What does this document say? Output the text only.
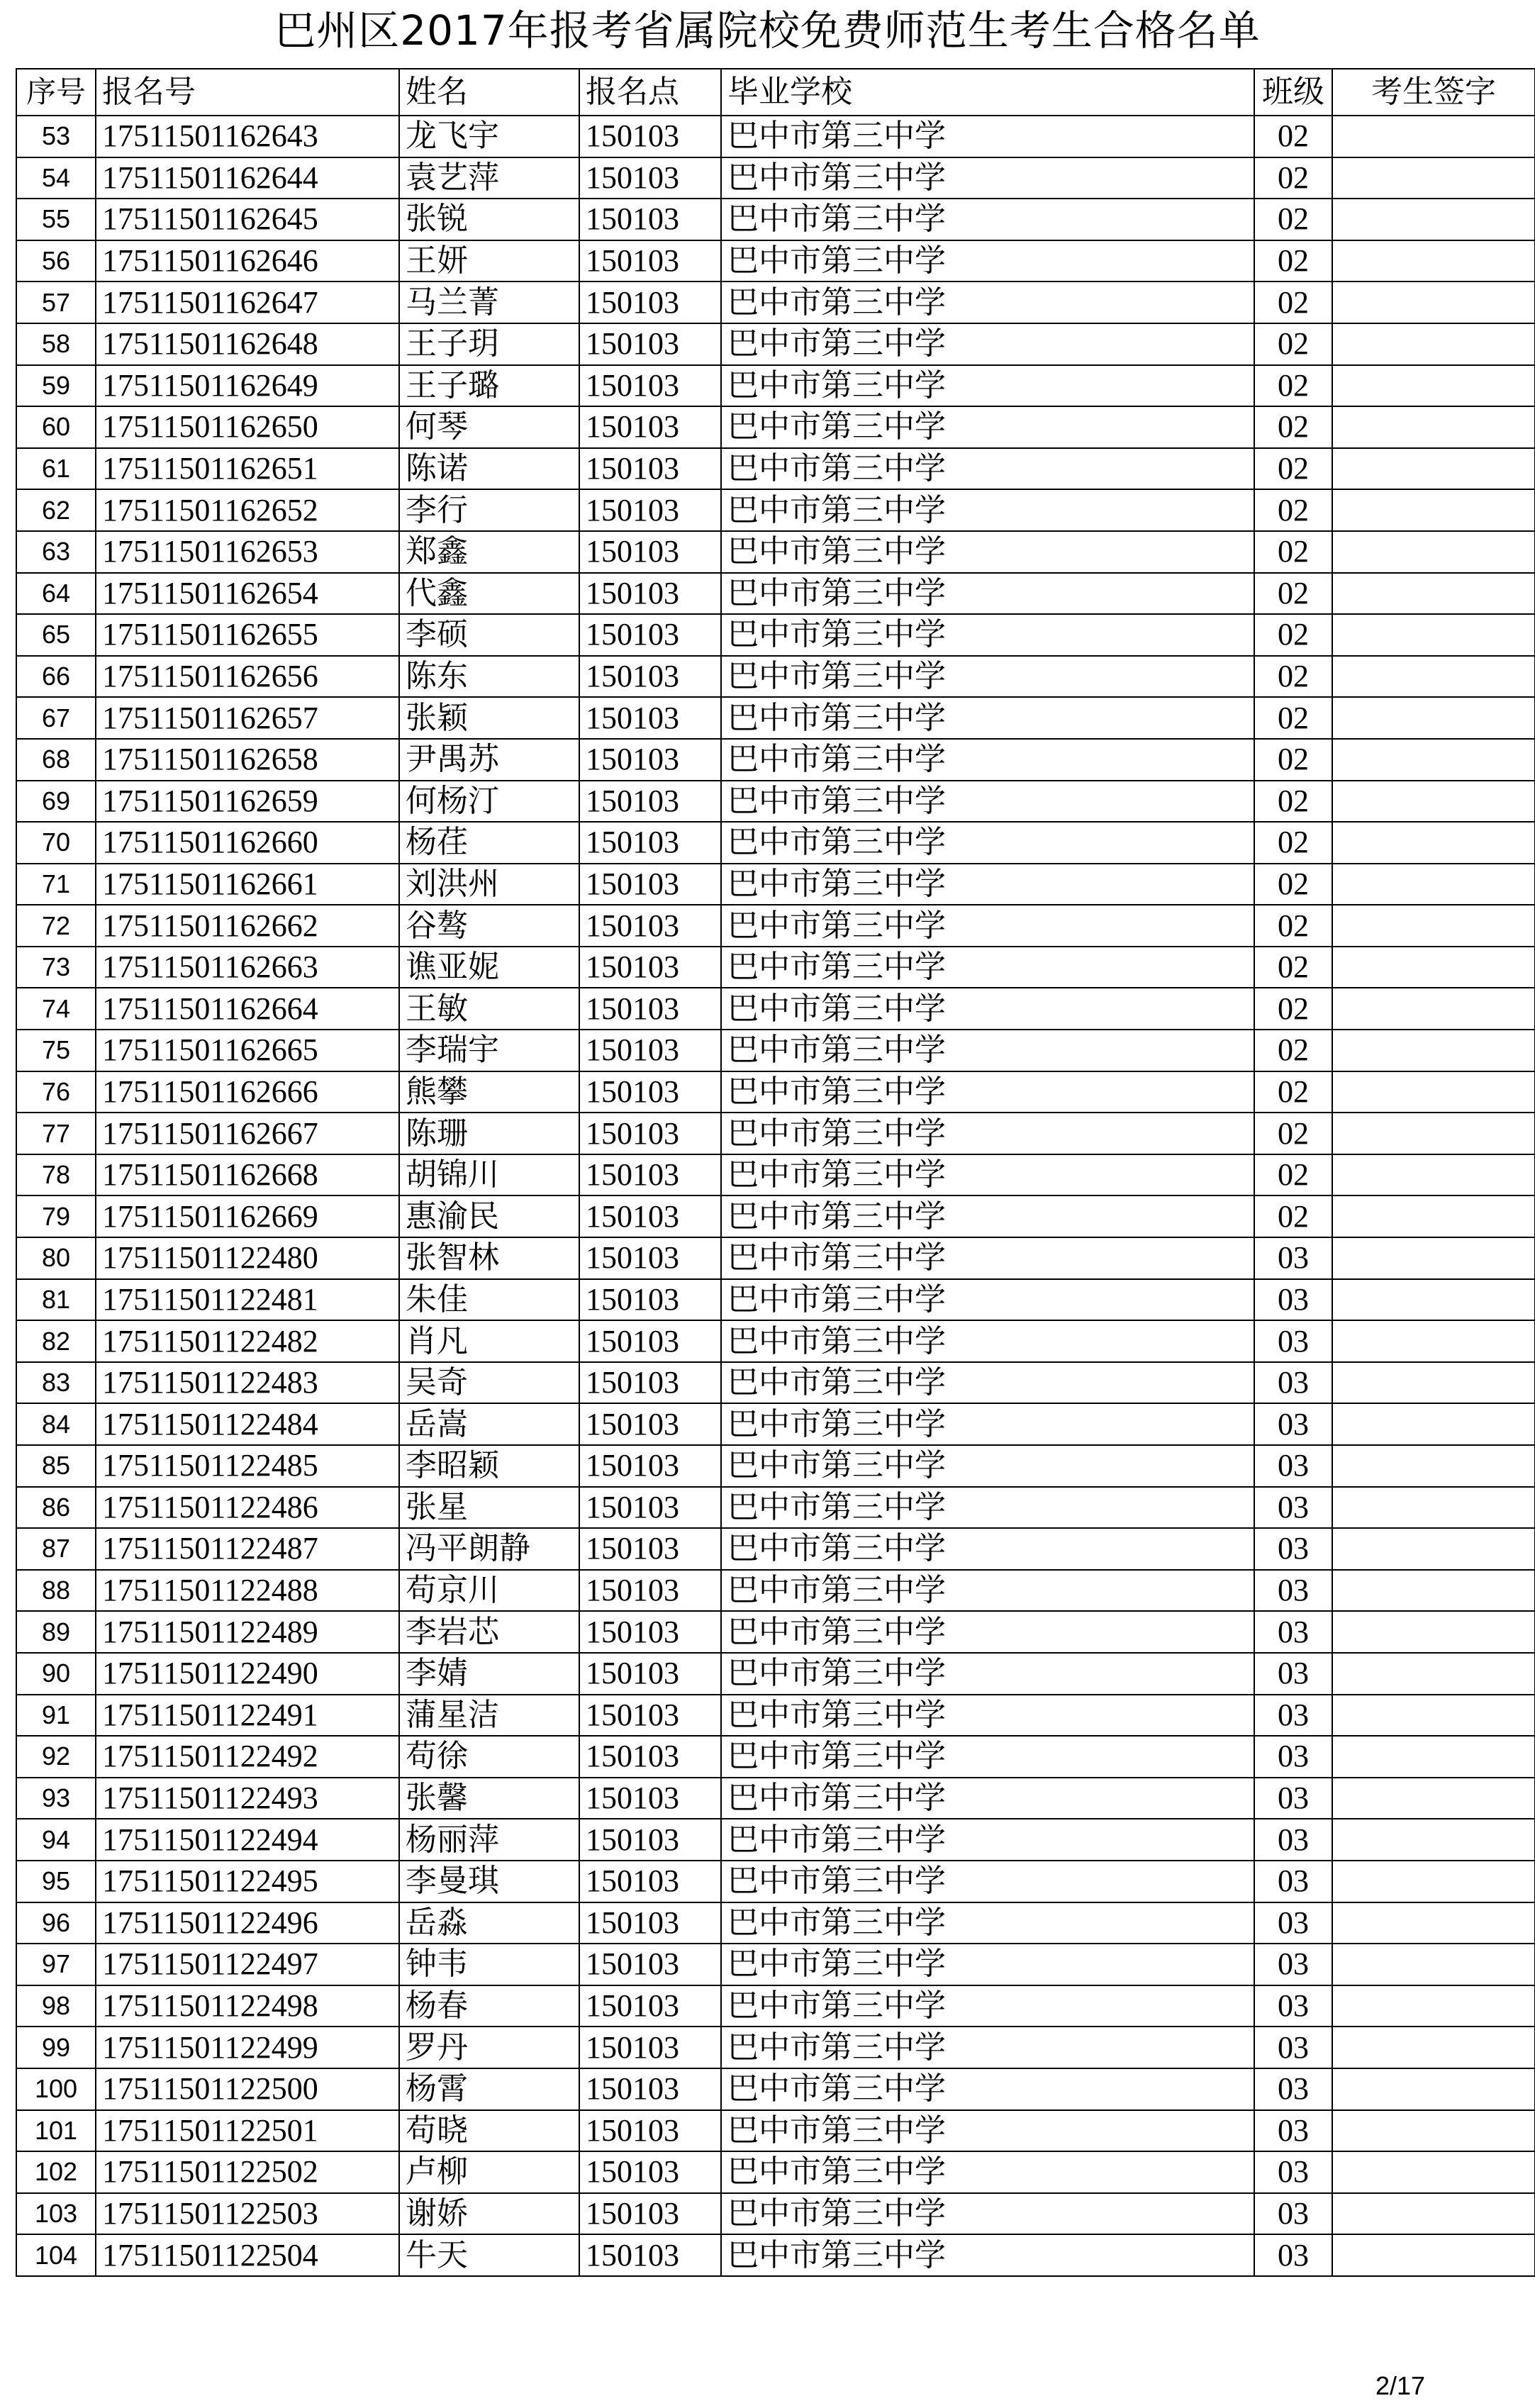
巴州区2017年报考省属院校免费师范生考生合格名单
序号	报名号	姓名	报名点	毕业学校	班级	考生签字
53	17511501162643	龙飞宇	150103	巴中市第三中学	02	
54	17511501162644	袁艺萍	150103	巴中市第三中学	02	
55	17511501162645	张锐	150103	巴中市第三中学	02	
56	17511501162646	王妍	150103	巴中市第三中学	02	
57	17511501162647	马兰菁	150103	巴中市第三中学	02	
58	17511501162648	王子玥	150103	巴中市第三中学	02	
59	17511501162649	王子璐	150103	巴中市第三中学	02	
60	17511501162650	何琴	150103	巴中市第三中学	02	
61	17511501162651	陈诺	150103	巴中市第三中学	02	
62	17511501162652	李行	150103	巴中市第三中学	02	
63	17511501162653	郑鑫	150103	巴中市第三中学	02	
64	17511501162654	代鑫	150103	巴中市第三中学	02	
65	17511501162655	李硕	150103	巴中市第三中学	02	
66	17511501162656	陈东	150103	巴中市第三中学	02	
67	17511501162657	张颖	150103	巴中市第三中学	02	
68	17511501162658	尹禺苏	150103	巴中市第三中学	02	
69	17511501162659	何杨汀	150103	巴中市第三中学	02	
70	17511501162660	杨荏	150103	巴中市第三中学	02	
71	17511501162661	刘洪州	150103	巴中市第三中学	02	
72	17511501162662	谷骜	150103	巴中市第三中学	02	
73	17511501162663	谯亚妮	150103	巴中市第三中学	02	
74	17511501162664	王敏	150103	巴中市第三中学	02	
75	17511501162665	李瑞宇	150103	巴中市第三中学	02	
76	17511501162666	熊攀	150103	巴中市第三中学	02	
77	17511501162667	陈珊	150103	巴中市第三中学	02	
78	17511501162668	胡锦川	150103	巴中市第三中学	02	
79	17511501162669	惠渝民	150103	巴中市第三中学	02	
80	17511501122480	张智林	150103	巴中市第三中学	03	
81	17511501122481	朱佳	150103	巴中市第三中学	03	
82	17511501122482	肖凡	150103	巴中市第三中学	03	
83	17511501122483	吴奇	150103	巴中市第三中学	03	
84	17511501122484	岳嵩	150103	巴中市第三中学	03	
85	17511501122485	李昭颖	150103	巴中市第三中学	03	
86	17511501122486	张星	150103	巴中市第三中学	03	
87	17511501122487	冯平朗静	150103	巴中市第三中学	03	
88	17511501122488	苟京川	150103	巴中市第三中学	03	
89	17511501122489	李岩芯	150103	巴中市第三中学	03	
90	17511501122490	李婧	150103	巴中市第三中学	03	
91	17511501122491	蒲星洁	150103	巴中市第三中学	03	
92	17511501122492	苟徐	150103	巴中市第三中学	03	
93	17511501122493	张馨	150103	巴中市第三中学	03	
94	17511501122494	杨丽萍	150103	巴中市第三中学	03	
95	17511501122495	李曼琪	150103	巴中市第三中学	03	
96	17511501122496	岳淼	150103	巴中市第三中学	03	
97	17511501122497	钟韦	150103	巴中市第三中学	03	
98	17511501122498	杨春	150103	巴中市第三中学	03	
99	17511501122499	罗丹	150103	巴中市第三中学	03	
100	17511501122500	杨霄	150103	巴中市第三中学	03	
101	17511501122501	苟晓	150103	巴中市第三中学	03	
102	17511501122502	卢柳	150103	巴中市第三中学	03	
103	17511501122503	谢娇	150103	巴中市第三中学	03	
104	17511501122504	牛天	150103	巴中市第三中学	03	
2/17
